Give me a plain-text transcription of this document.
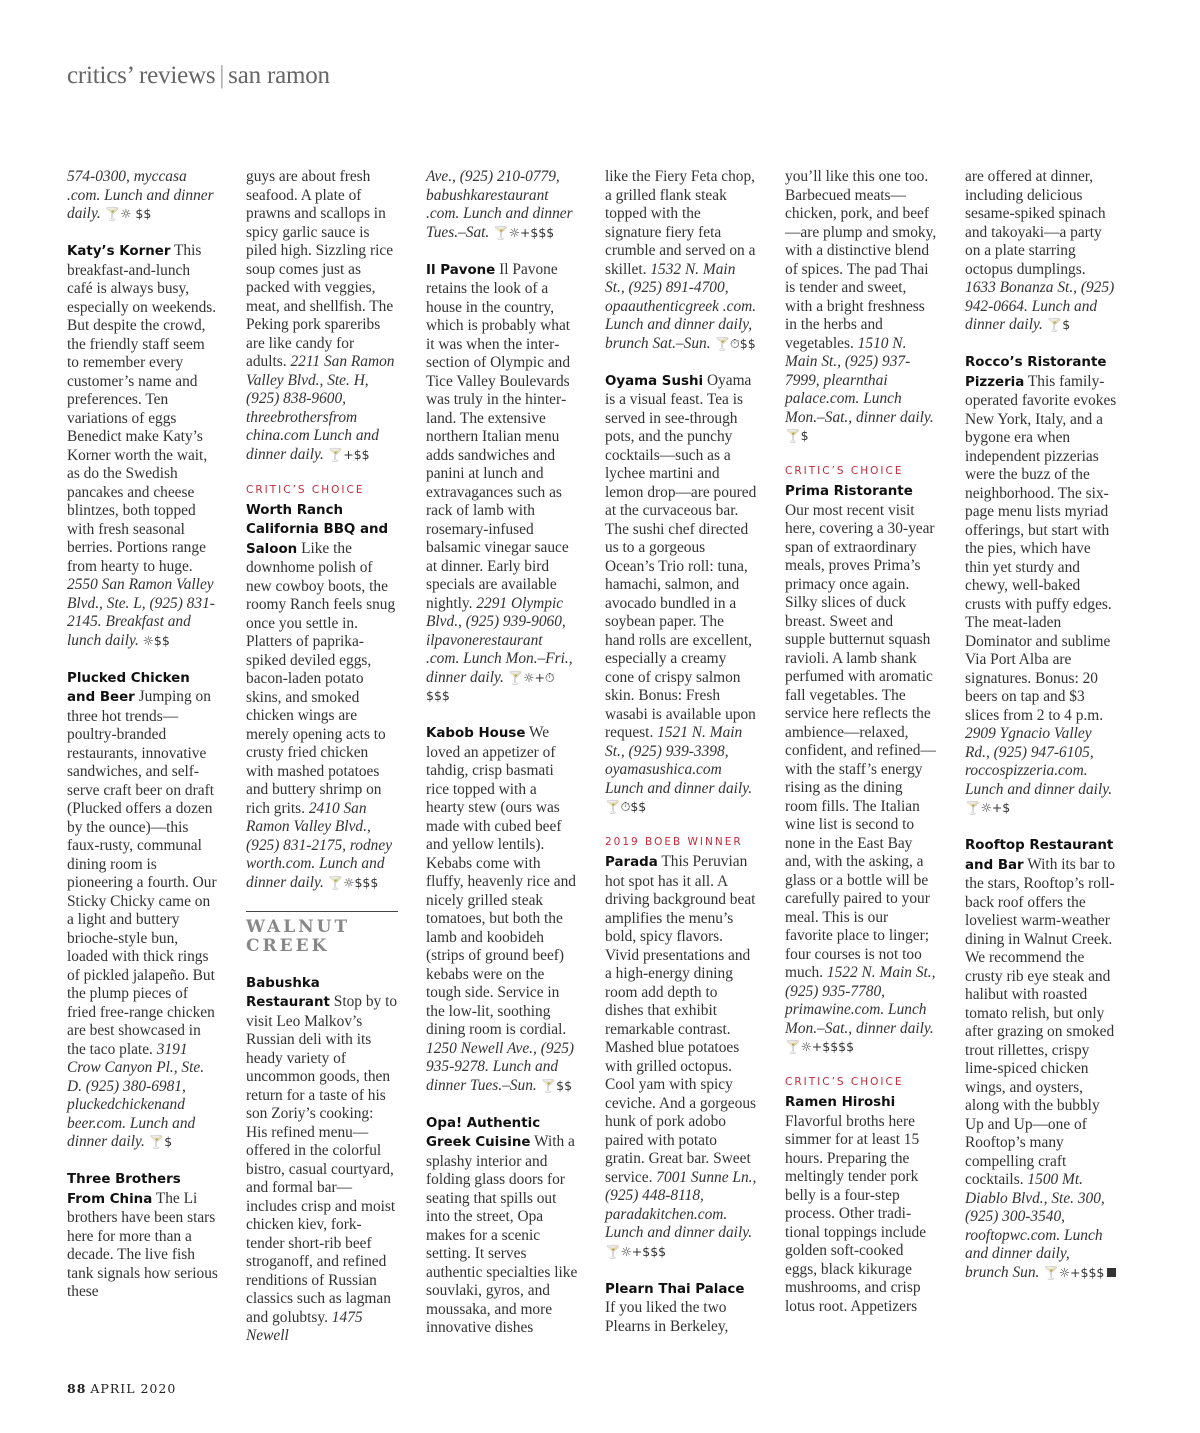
critics’ reviews | san ramon

574-0300, myccasa .com. Lunch and dinner daily. 🍸☼ $$

Katy’s Korner This breakfast-and-lunch café is always busy, especially on weekends. But despite the crowd, the friendly staff seem to remember every customer’s name and preferences. Ten variations of eggs Benedict make Katy’s Korner worth the wait, as do the Swedish pancakes and cheese blintzes, both topped with fresh seasonal berries. Portions range from hearty to huge. 2550 San Ramon Valley Blvd., Ste. L, (925) 831-2145. Breakfast and lunch daily. ☼$$

Plucked Chicken and Beer Jumping on three hot trends—poultry-branded restaurants, innovative sandwiches, and self-serve craft beer on draft (Plucked offers a dozen by the ounce)—this faux-rusty, communal dining room is pioneering a fourth. Our Sticky Chicky came on a light and buttery brioche-style bun, loaded with thick rings of pickled jalapeño. But the plump pieces of fried free-range chicken are best showcased in the taco plate. 3191 Crow Canyon Pl., Ste. D. (925) 380-6981, pluckedchickenand beer.com. Lunch and dinner daily. 🍸$

Three Brothers From China The Li brothers have been stars here for more than a decade. The live fish tank signals how serious these

guys are about fresh seafood. A plate of prawns and scallops in spicy garlic sauce is piled high. Sizzling rice soup comes just as packed with veggies, meat, and shellfish. The Peking pork spareribs are like candy for adults. 2211 San Ramon Valley Blvd., Ste. H, (925) 838-9600, threebrothersfrom china.com Lunch and dinner daily. 🍸+$$

CRITIC’S CHOICE

Worth Ranch California BBQ and Saloon Like the downhome polish of new cowboy boots, the roomy Ranch feels snug once you settle in. Platters of paprika-spiked deviled eggs, bacon-laden potato skins, and smoked chicken wings are merely opening acts to crusty fried chicken with mashed potatoes and buttery shrimp on rich grits. 2410 San Ramon Valley Blvd., (925) 831-2175, rodney worth.com. Lunch and dinner daily. 🍸☼$$$

WALNUT CREEK

Babushka Restaurant Stop by to visit Leo Malkov’s Russian deli with its heady variety of uncommon goods, then return for a taste of his son Zoriy’s cooking: His refined menu—offered in the colorful bistro, casual courtyard, and formal bar—includes crisp and moist chicken kiev, fork-tender short-rib beef stroganoff, and refined renditions of Russian classics such as lagman and golubtsy. 1475 Newell

Ave., (925) 210-0779, babushkarestaurant .com. Lunch and dinner Tues.–Sat. 🍸☼+$$$

Il Pavone Il Pavone retains the look of a house in the country, which is probably what it was when the intersection of Olympic and Tice Valley Boulevards was truly in the hinterland. The extensive northern Italian menu adds sandwiches and panini at lunch and extravagances such as rack of lamb with rosemary-infused balsamic vinegar sauce at dinner. Early bird specials are available nightly. 2291 Olympic Blvd., (925) 939-9060, ilpavonerestaurant .com. Lunch Mon.–Fri., dinner daily. 🍸☼+⏱$$$

Kabob House We loved an appetizer of tahdig, crisp basmati rice topped with a hearty stew (ours was made with cubed beef and yellow lentils). Kebabs come with fluffy, heavenly rice and nicely grilled steak tomatoes, but both the lamb and koobideh (strips of ground beef) kebabs were on the tough side. Service in the low-lit, soothing dining room is cordial. 1250 Newell Ave., (925) 935-9278. Lunch and dinner Tues.–Sun. 🍸$$

Opa! Authentic Greek Cuisine With a splashy interior and folding glass doors for seating that spills out into the street, Opa makes for a scenic setting. It serves authentic specialties like souvlaki, gyros, and moussaka, and more innovative dishes

like the Fiery Feta chop, a grilled flank steak topped with the signature fiery feta crumble and served on a skillet. 1532 N. Main St., (925) 891-4700, opaauthenticgreek .com. Lunch and dinner daily, brunch Sat.–Sun. 🍸⏱$$

Oyama Sushi Oyama is a visual feast. Tea is served in see-through pots, and the punchy cocktails—such as a lychee martini and lemon drop—are poured at the curvaceous bar. The sushi chef directed us to a gorgeous Ocean’s Trio roll: tuna, hamachi, salmon, and avocado bundled in a soybean paper. The hand rolls are excellent, especially a creamy cone of crispy salmon skin. Bonus: Fresh wasabi is available upon request. 1521 N. Main St., (925) 939-3398, oyamasushica.com Lunch and dinner daily. 🍸⏱$$

2019 BOEB WINNER

Parada This Peruvian hot spot has it all. A driving background beat amplifies the menu’s bold, spicy flavors. Vivid presentations and a high-energy dining room add depth to dishes that exhibit remarkable contrast. Mashed blue potatoes with grilled octopus. Cool yam with spicy ceviche. And a gorgeous hunk of pork adobo paired with potato gratin. Great bar. Sweet service. 7001 Sunne Ln., (925) 448-8118, paradakitchen.com. Lunch and dinner daily. 🍸☼+$$$

Plearn Thai Palace If you liked the two Plearns in Berkeley,

you’ll like this one too. Barbecued meats—chicken, pork, and beef—are plump and smoky, with a distinctive blend of spices. The pad Thai is tender and sweet, with a bright freshness in the herbs and vegetables. 1510 N. Main St., (925) 937-7999, plearnthai palace.com. Lunch Mon.–Sat., dinner daily. 🍸$

CRITIC’S CHOICE

Prima Ristorante Our most recent visit here, covering a 30-year span of extraordinary meals, proves Prima’s primacy once again. Silky slices of duck breast. Sweet and supple butternut squash ravioli. A lamb shank perfumed with aromatic fall vegetables. The service here reflects the ambience—relaxed, confident, and refined—with the staff’s energy rising as the dining room fills. The Italian wine list is second to none in the East Bay and, with the asking, a glass or a bottle will be carefully paired to your meal. This is our favorite place to linger; four courses is not too much. 1522 N. Main St., (925) 935-7780, primawine.com. Lunch Mon.–Sat., dinner daily. 🍸☼+$$$$

CRITIC’S CHOICE

Ramen Hiroshi Flavorful broths here simmer for at least 15 hours. Preparing the meltingly tender pork belly is a four-step process. Other traditional toppings include golden soft-cooked eggs, black kikurage mushrooms, and crisp lotus root. Appetizers

are offered at dinner, including delicious sesame-spiked spinach and takoyaki—a party on a plate starring octopus dumplings. 1633 Bonanza St., (925) 942-0664. Lunch and dinner daily. 🍸$

Rocco’s Ristorante Pizzeria This family-operated favorite evokes New York, Italy, and a bygone era when independent pizzerias were the buzz of the neighborhood. The six-page menu lists myriad offerings, but start with the pies, which have thin yet sturdy and chewy, well-baked crusts with puffy edges. The meat-laden Dominator and sublime Via Port Alba are signatures. Bonus: 20 beers on tap and $3 slices from 2 to 4 p.m. 2909 Ygnacio Valley Rd., (925) 947-6105, roccospizzeria.com. Lunch and dinner daily. 🍸☼+$

Rooftop Restaurant and Bar With its bar to the stars, Rooftop’s roll-back roof offers the loveliest warm-weather dining in Walnut Creek. We recommend the crusty rib eye steak and halibut with roasted tomato relish, but only after grazing on smoked trout rillettes, crispy lime-spiced chicken wings, and oysters, along with the bubbly Up and Up—one of Rooftop’s many compelling craft cocktails. 1500 Mt. Diablo Blvd., Ste. 300, (925) 300-3540, rooftopwc.com. Lunch and dinner daily, brunch Sun. 🍸☼+$$$

88 APRIL 2020
